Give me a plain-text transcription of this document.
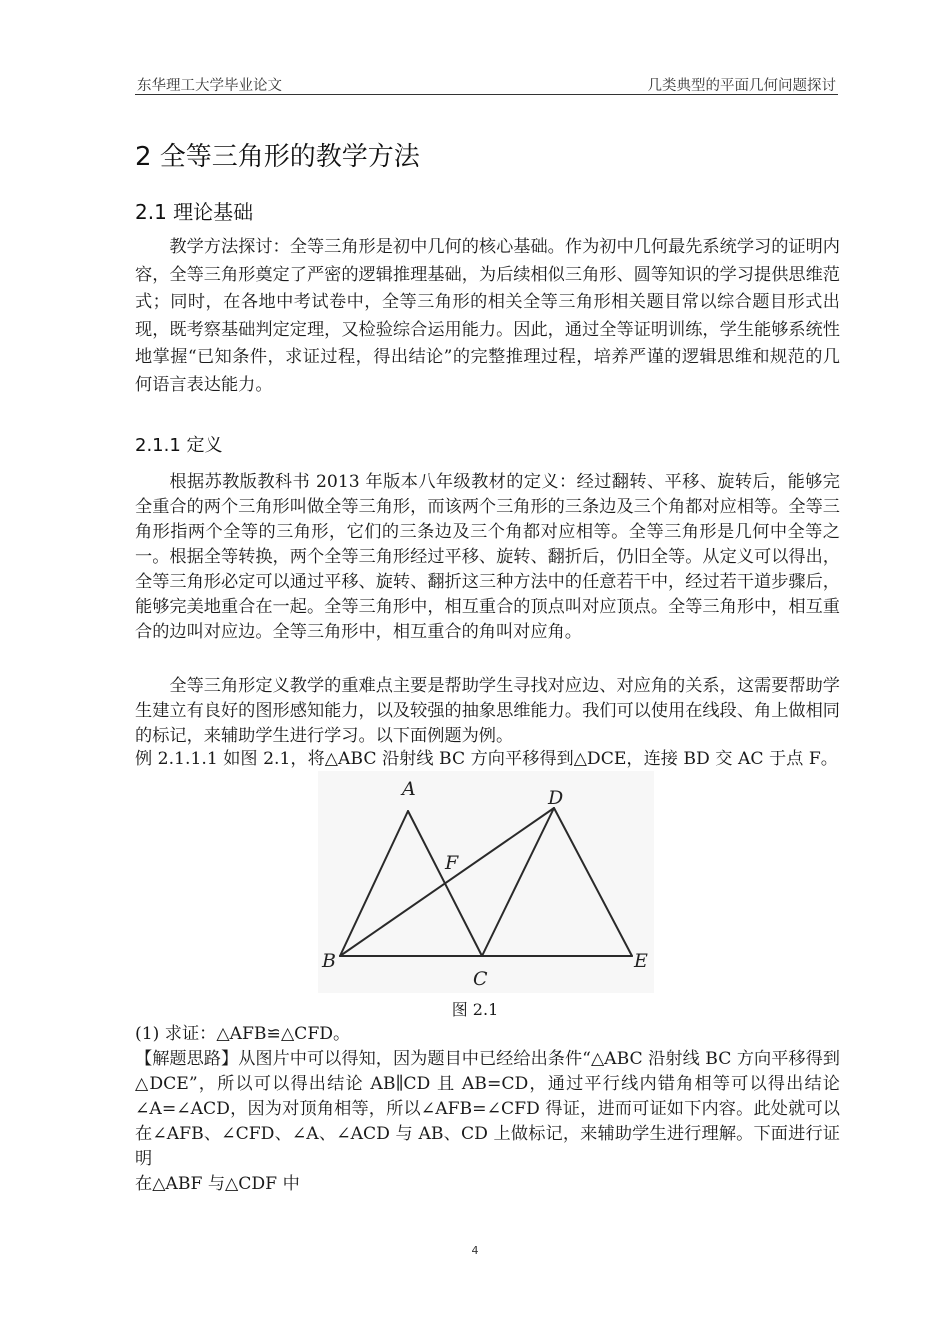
东华理工大学毕业论文	几类典型的平面几何问题探讨
2 全等三角形的教学方法
2.1 理论基础
教学方法探讨：全等三角形是初中几何的核心基础。作为初中几何最先系统学习的证明内容，全等三角形奠定了严密的逻辑推理基础，为后续相似三角形、圆等知识的学习提供思维范式；同时，在各地中考试卷中，全等三角形的相关全等三角形相关题目常以综合题目形式出现，既考察基础判定定理，又检验综合运用能力。因此，通过全等证明训练，学生能够系统性地掌握“已知条件，求证过程，得出结论”的完整推理过程，培养严谨的逻辑思维和规范的几何语言表达能力。
2.1.1 定义
根据苏教版教科书 2013 年版本八年级教材的定义：经过翻转、平移、旋转后，能够完全重合的两个三角形叫做全等三角形，而该两个三角形的三条边及三个角都对应相等。全等三角形指两个全等的三角形，它们的三条边及三个角都对应相等。全等三角形是几何中全等之一。根据全等转换，两个全等三角形经过平移、旋转、翻折后，仍旧全等。从定义可以得出，全等三角形必定可以通过平移、旋转、翻折这三种方法中的任意若干中，经过若干道步骤后，能够完美地重合在一起。全等三角形中，相互重合的顶点叫对应顶点。全等三角形中，相互重合的边叫对应边。全等三角形中，相互重合的角叫对应角。
全等三角形定义教学的重难点主要是帮助学生寻找对应边、对应角的关系，这需要帮助学生建立有良好的图形感知能力，以及较强的抽象思维能力。我们可以使用在线段、角上做相同的标记，来辅助学生进行学习。以下面例题为例。
例 2.1.1.1 如图 2.1，将△ABC 沿射线 BC 方向平移得到△DCE，连接 BD 交 AC 于点 F。
A	D
F
B
C
E
图 2.1
(1) 求证：△AFB≌△CFD。
【解题思路】从图片中可以得知，因为题目中已经给出条件“△ABC 沿射线 BC 方向平移得到△DCE”，所以可以得出结论 AB∥CD 且 AB=CD，通过平行线内错角相等可以得出结论∠A=∠ACD，因为对顶角相等，所以∠AFB=∠CFD 得证，进而可证如下内容。此处就可以在∠AFB、∠CFD、∠A、∠ACD 与 AB、CD 上做标记，来辅助学生进行理解。下面进行证明
在△ABF 与△CDF 中
4
